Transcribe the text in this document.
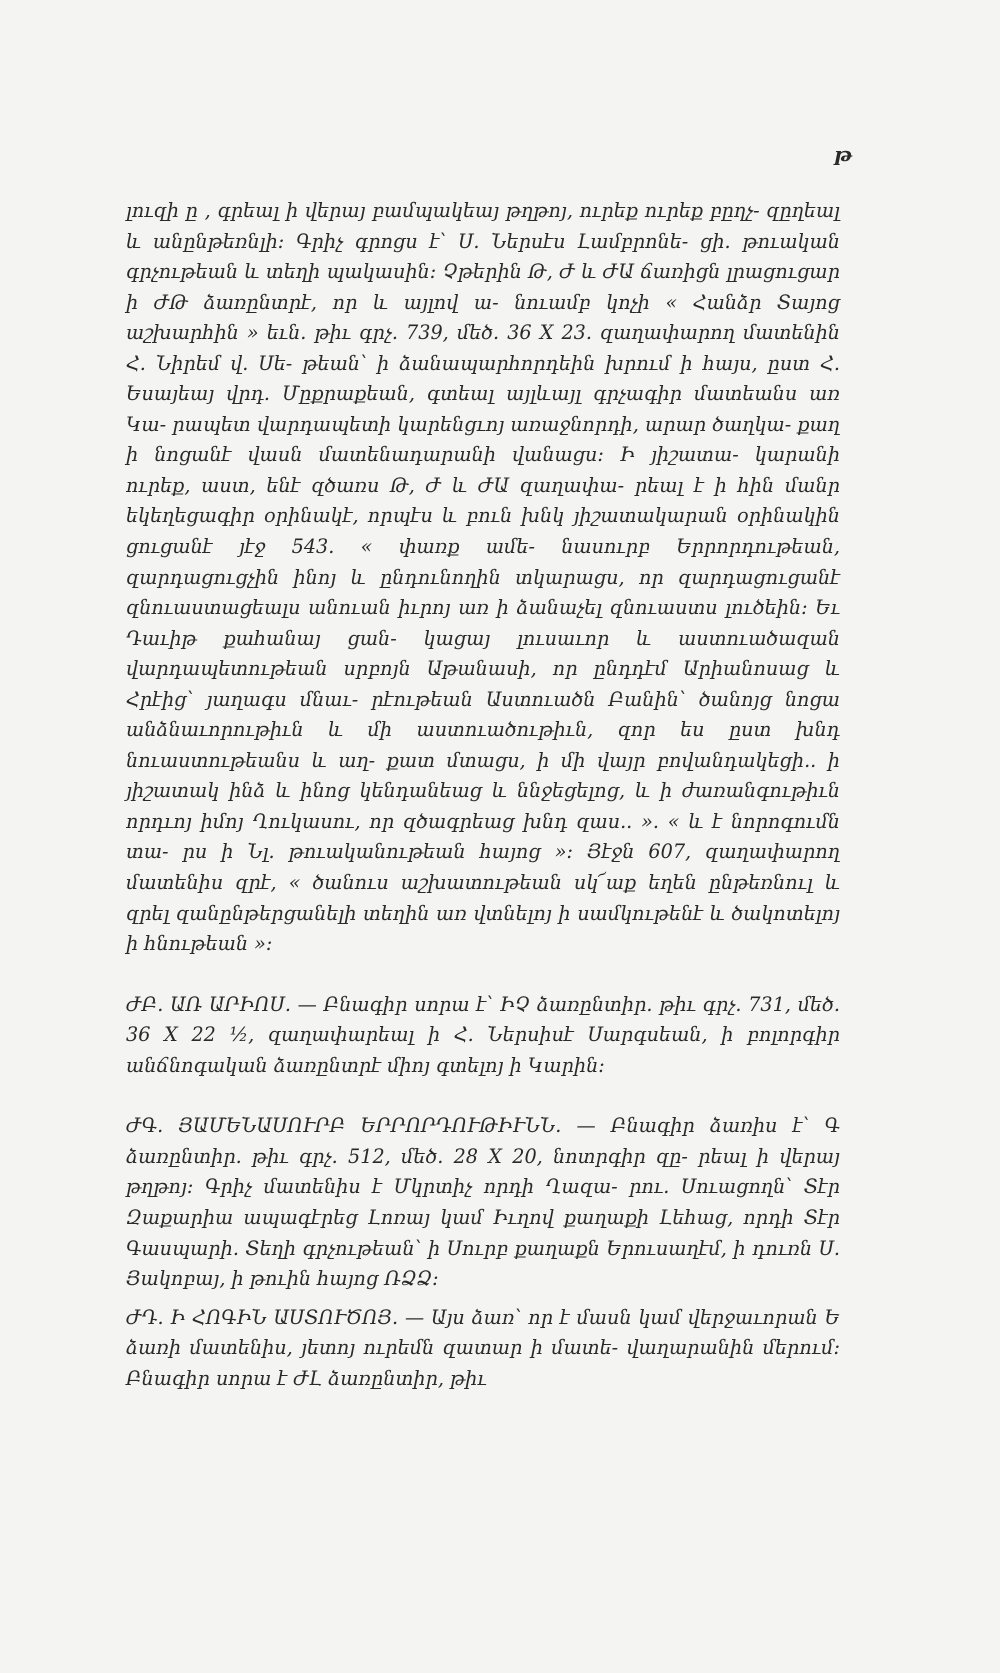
թ

լուզի ը , գրեալ ի վերայ բամպակեայ թղթոյ, ուրեք ուրեք բըղչ- զըղեալ և անընթեռնլի։ Գրիչ գրոցս է՝ Ս. Ներսէս Լամբրոնե- ցի. թուական գրչութեան և տեղի պակասին։ Չթերին Թ, Ժ և ԺԱ ճառիցն լրացուցար ի ԺԹ ձառընտրէ, որ և այլով ա- նուամբ կոչի « Հանձր Տայոց աշխարհին » եւն. թիւ գրչ. 739, մեծ. 36 X 23. զաղափարող մատենին Հ. Նիրեմ վ. Սե- թեան՝ ի ձանապարհորդեին խրում ի հայս, ըստ Հ. Եսայեայ վրդ. Մըքրաքեան, գտեալ այլևայլ գրչագիր մատեանս առ Կա- րապետ վարդապետի կարենցւոյ առաջնորդի, արար ծաղկա- քաղ ի նոցանէ վասն մատենադարանի վանացս։ Ի յիշատա- կարանի ուրեք, աստ, ենէ զծառս Թ, Ժ և ԺԱ զաղափա- րեալ է ի հին մանր եկեղեցագիր օրինակէ, որպէս և բուն խնկ յիշատակարան օրինակին ցուցանէ յէջ 543. « փառք ամե- նասուրբ Երրորդութեան, զարդացուցչին ինոյ և ընդունողին տկարացս, որ զարդացուցանէ զնուաստացեալս անուան իւրոյ առ ի ձանաչել զնուաստս լուծեին։ Եւ Դաւիթ քահանայ ցան- կացայ լուսաւոր և աստուածազան վարդապետութեան սրբոյն Աթանասի, որ ընդդէմ Արիանոսաց և Հրէից՝ յաղագս մնաւ- րէութեան Աստուածն Բանին՝ ծանոյց նոցա անձնաւորութիւն և մի աստուածութիւն, զոր ես ըստ խնդ նուաստութեանս և աղ- քատ մտացս, ի մի վայր բովանդակեցի.. ի յիշատակ ինձ և ինոց կենդանեաց և ննջեցելոց, և ի ժառանգութիւն որդւոյ իմոյ Ղուկասու, որ զծագրեաց խնդ զաս.. ». « և է նորոգումն տա- րս ի Նլ. թուականութեան հայոց »։ Յէջն 607, զաղափարող մատենիս զրէ, « ծանուս աշխատութեան սկ՜աք եղեն ընթեռնուլ և զրել զանընթերցանելի տեղին առ վտնելոյ ի սամկութենէ և ծակոտելոյ ի հնութեան »։

ԺԲ. ԱՌ ԱՐԻՈՍ. — Բնագիր սորա է՝ ԻՉ ձառընտիր. թիւ գրչ. 731, մեծ. 36 X 22 ½, զաղափարեալ ի Հ. Ներսիսէ Սարգսեան, ի բոլորգիր անճնոգական ձառընտրէ միոյ գտելոյ ի Կարին։

ԺԳ. ՅԱՄԵՆԱՍՈՒՐԲ ԵՐՐՈՐԴՈՒԹԻՒՆՆ. — Բնագիր ձառիս է՝ Գ ձառընտիր. թիւ գրչ. 512, մեծ. 28 X 20, նոտրգիր զը- րեալ ի վերայ թղթոյ։ Գրիչ մատենիս է Մկրտիչ որդի Ղազա- րու. Սուացողն՝ Տէր Զաքարիա ապագէրեց Լոռայ կամ Իւղով քաղաքի Լեհաց, որդի Տէր Գասպարի. Տեղի գրչութեան՝ ի Սուրբ քաղաքն Երուսաղէմ, ի դուռն Ս. Յակոբայ, ի թուին հայոց ՌՁՁ։

ԺԴ. Ի ՀՈԳԻՆ ԱՍՏՈՒԾՈՅ. — Այս ձառ՝ որ է մասն կամ վերջաւորան Ե ձառի մատենիս, յետոյ ուրեմն զատար ի մատե- վաղարանին մերում։ Բնագիր սորա է ԺԼ ձառընտիր, թիւ
